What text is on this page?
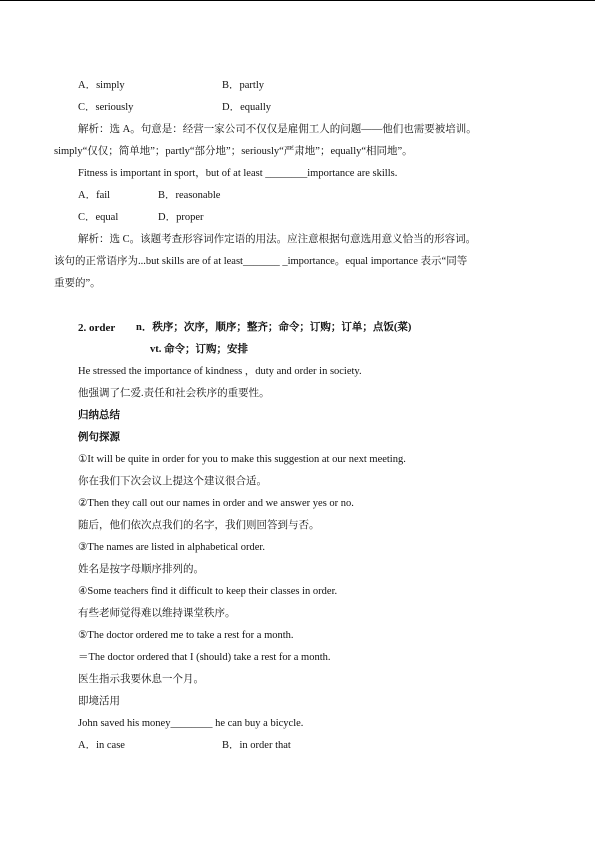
A．simply	B．partly
C．seriously	D．equally
解析：选 A。句意是：经营一家公司不仅仅是雇佣工人的问题——他们也需要被培训。
simply“仅仅；简单地”；partly“部分地”；seriously“严肃地”；equally“相同地”。
Fitness is important in sport，but of at least ________importance are skills.
A．fail	B．reasonable
C．equal	D．proper
解析：选 C。该题考查形容词作定语的用法。应注意根据句意选用意义恰当的形容词。
该句的正常语序为...but skills are of at least_______ _importance。equal importance 表示“同等
重要的”。
2. order n．秩序；次序，顺序；整齐；命令；订购；订单；点饭(菜)
vt. 命令；订购；安排
He stressed the importance of kindness ，duty and order in society.
他强调了仁爱.责任和社会秩序的重要性。
归纳总结
例句探源
①It will be quite in order for you to make this suggestion at our next meeting.
你在我们下次会议上提这个建议很合适。
②Then they call out our names in order and we answer yes or no.
随后，他们依次点我们的名字，我们则回答到与否。
③The names are listed in alphabetical order.
姓名是按字母顺序排列的。
④Some teachers find it difficult to keep their classes in order.
有些老师觉得难以维持课堂秩序。
⑤The doctor ordered me to take a rest for a month.
＝The doctor ordered that I (should) take a rest for a month.
医生指示我要休息一个月。
即境活用
John saved his money________ he can buy a bicycle.
A．in case	B．in order that
